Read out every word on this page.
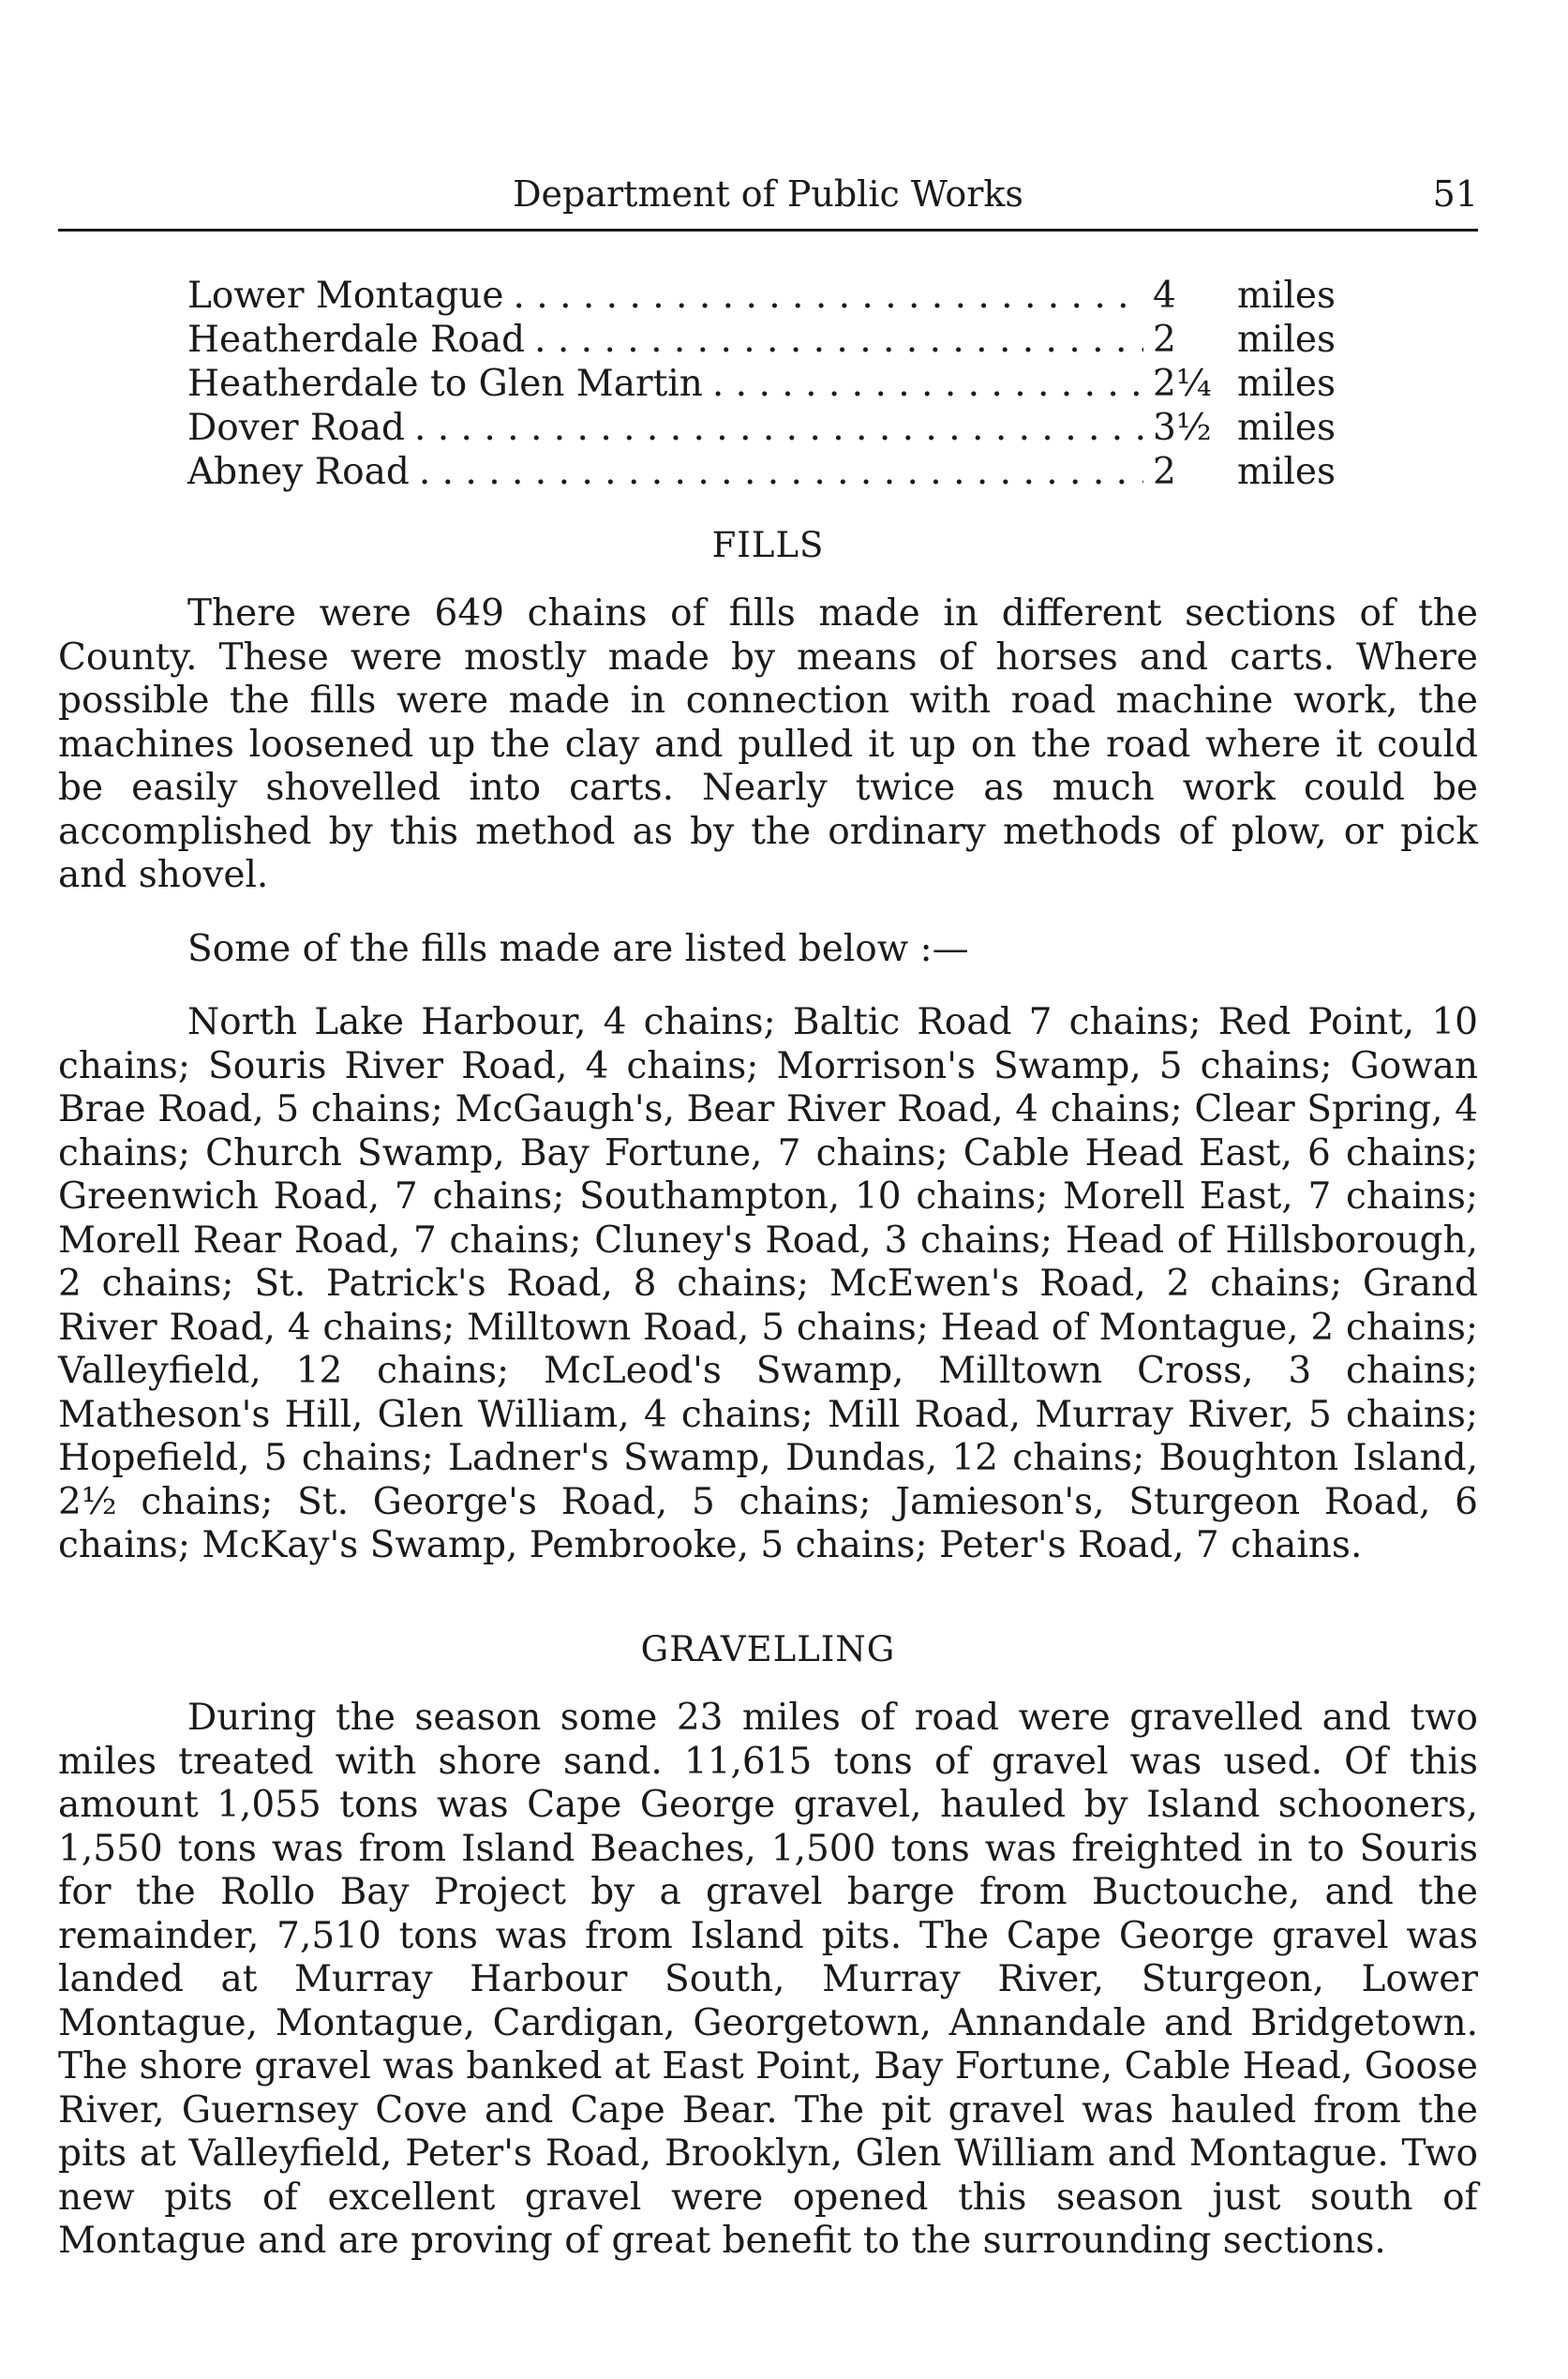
Department of Public Works	51
Lower Montague . . .	4	miles
Heatherdale Road . . .	2	miles
Heatherdale to Glen Martin . . .	2¼ miles
Dover Road . . .	3½ miles
Abney Road . . .	2	miles
FILLS

There were 649 chains of fills made in different sections of the County. These were mostly made by means of horses and carts. Where possible the fills were made in connection with road machine work, the machines loosened up the clay and pulled it up on the road where it could be easily shovelled into carts. Nearly twice as much work could be accomplished by this method as by the ordinary methods of plow, or pick and shovel.

Some of the fills made are listed below :—

North Lake Harbour, 4 chains; Baltic Road 7 chains; Red Point, 10 chains; Souris River Road, 4 chains; Morrison's Swamp, 5 chains; Gowan Brae Road, 5 chains; McGaugh's, Bear River Road, 4 chains; Clear Spring, 4 chains; Church Swamp, Bay Fortune, 7 chains; Cable Head East, 6 chains; Greenwich Road, 7 chains; Southampton, 10 chains; Morell East, 7 chains; Morell Rear Road, 7 chains; Cluney's Road, 3 chains; Head of Hillsborough, 2 chains; St. Patrick's Road, 8 chains; McEwen's Road, 2 chains; Grand River Road, 4 chains; Milltown Road, 5 chains; Head of Montague, 2 chains; Valleyfield, 12 chains; McLeod's Swamp, Milltown Cross, 3 chains; Matheson's Hill, Glen William, 4 chains; Mill Road, Murray River, 5 chains; Hopefield, 5 chains; Ladner's Swamp, Dundas, 12 chains; Boughton Island, 2½ chains; St. George's Road, 5 chains; Jamieson's, Sturgeon Road, 6 chains; McKay's Swamp, Pembrooke, 5 chains; Peter's Road, 7 chains.

GRAVELLING

During the season some 23 miles of road were gravelled and two miles treated with shore sand. 11,615 tons of gravel was used. Of this amount 1,055 tons was Cape George gravel, hauled by Island schooners, 1,550 tons was from Island Beaches, 1,500 tons was freighted in to Souris for the Rollo Bay Project by a gravel barge from Buctouche, and the remainder, 7,510 tons was from Island pits. The Cape George gravel was landed at Murray Harbour South, Murray River, Sturgeon, Lower Montague, Montague, Cardigan, Georgetown, Annandale and Bridgetown. The shore gravel was banked at East Point, Bay Fortune, Cable Head, Goose River, Guernsey Cove and Cape Bear. The pit gravel was hauled from the pits at Valleyfield, Peter's Road, Brooklyn, Glen William and Montague. Two new pits of excellent gravel were opened this season just south of Montague and are proving of great benefit to the surrounding sections.
